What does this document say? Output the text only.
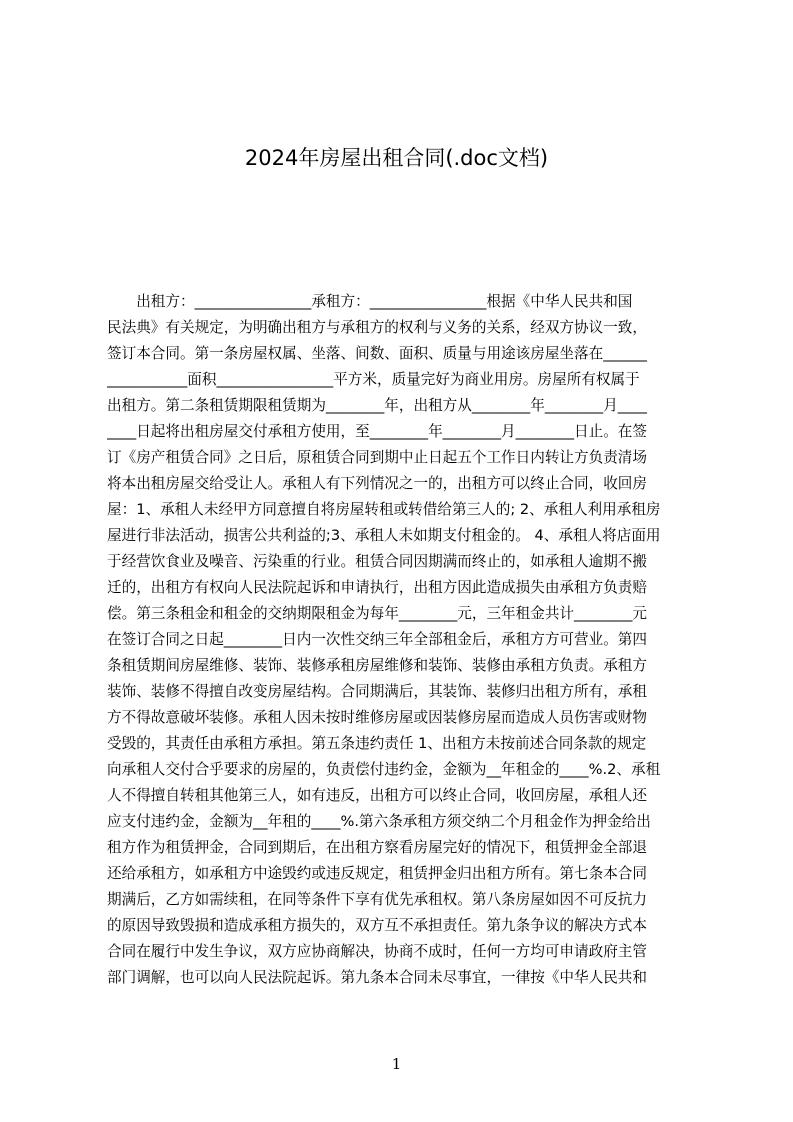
2024年房屋出租合同(.doc文档)
　　出租方：________________承租方：________________根据《中华人民共和国
民法典》有关规定，为明确出租方与承租方的权利与义务的关系，经双方协议一致，
签订本合同。第一条房屋权属、坐落、间数、面积、质量与用途该房屋坐落在______
___________面积________________平方米，质量完好为商业用房。房屋所有权属于
出租方。第二条租赁期限租赁期为________年，出租方从________年________月____
____日起将出租房屋交付承租方使用，至________年________月________日止。在签
订《房产租赁合同》之日后，原租赁合同到期中止日起五个工作日内转让方负责清场
将本出租房屋交给受让人。承租人有下列情况之一的，出租方可以终止合同，收回房
屋：1、承租人未经甲方同意擅自将房屋转租或转借给第三人的; 2、承租人利用承租房
屋进行非法活动，损害公共利益的;3、承租人未如期支付租金的。 4、承租人将店面用
于经营饮食业及噪音、污染重的行业。租赁合同因期满而终止的，如承租人逾期不搬
迁的，出租方有权向人民法院起诉和申请执行，出租方因此造成损失由承租方负责赔
偿。第三条租金和租金的交纳期限租金为每年________元，三年租金共计________元
在签订合同之日起________日内一次性交纳三年全部租金后，承租方方可营业。第四
条租赁期间房屋维修、装饰、装修承租房屋维修和装饰、装修由承租方负责。承租方
装饰、装修不得擅自改变房屋结构。合同期满后，其装饰、装修归出租方所有，承租
方不得故意破坏装修。承租人因未按时维修房屋或因装修房屋而造成人员伤害或财物
受毁的，其责任由承租方承担。第五条违约责任 1、出租方未按前述合同条款的规定
向承租人交付合乎要求的房屋的，负责偿付违约金，金额为__年租金的____%.2、承租
人不得擅自转租其他第三人，如有违反，出租方可以终止合同，收回房屋，承租人还
应支付违约金，金额为__年租的____%.第六条承租方须交纳二个月租金作为押金给出
租方作为租赁押金，合同到期后，在出租方察看房屋完好的情况下，租赁押金全部退
还给承租方，如承租方中途毁约或违反规定，租赁押金归出租方所有。第七条本合同
期满后，乙方如需续租，在同等条件下享有优先承租权。第八条房屋如因不可反抗力
的原因导致毁损和造成承租方损失的，双方互不承担责任。第九条争议的解决方式本
合同在履行中发生争议，双方应协商解决，协商不成时，任何一方均可申请政府主管
部门调解，也可以向人民法院起诉。第九条本合同未尽事宜，一律按《中华人民共和
1
